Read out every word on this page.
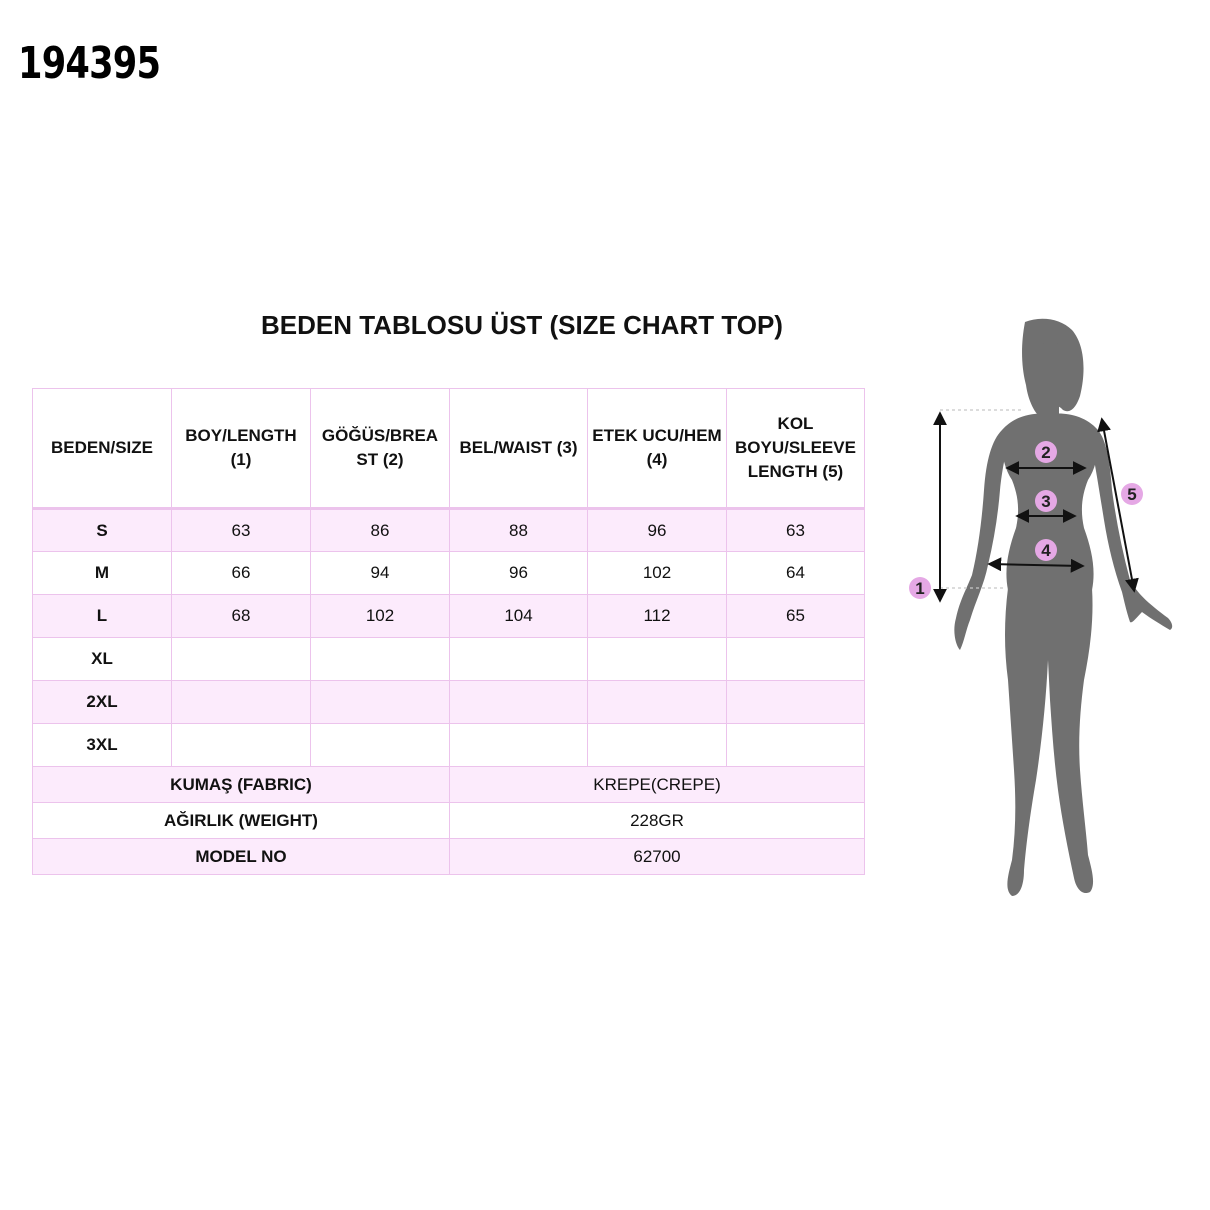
194395
BEDEN TABLOSU ÜST (SIZE CHART TOP)
BEDEN/SIZE	BOY/LENGTH (1)	GÖĞÜS/BREA ST (2)	BEL/WAIST (3)	ETEK UCU/HEM (4)	KOL BOYU/SLEEVE LENGTH (5)
S	63	86	88	96	63
M	66	94	96	102	64
L	68	102	104	112	65
XL					
2XL					
3XL					
KUMAŞ (FABRIC)			KREPE(CREPE)		
AĞIRLIK (WEIGHT)			228GR		
MODEL NO			62700		
1
2
3
4
5
